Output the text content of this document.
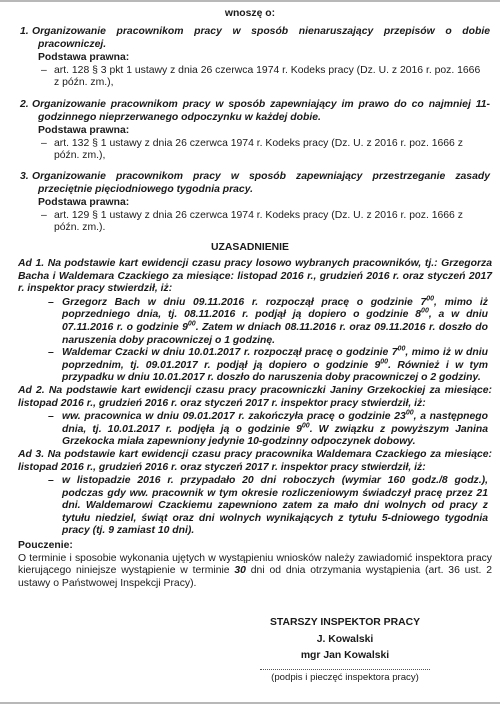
wnoszę o:
1. Organizowanie pracownikom pracy w sposób nienaruszający przepisów o dobie pracowniczej.
Podstawa prawna:
– art. 128 § 3 pkt 1 ustawy z dnia 26 czerwca 1974 r. Kodeks pracy (Dz. U. z 2016 r. poz. 1666 z późn. zm.),
2. Organizowanie pracownikom pracy w sposób zapewniający im prawo do co najmniej 11-godzinnego nieprzerwanego odpoczynku w każdej dobie.
Podstawa prawna:
– art. 132 § 1 ustawy z dnia 26 czerwca 1974 r. Kodeks pracy (Dz. U. z 2016 r. poz. 1666 z późn. zm.),
3. Organizowanie pracownikom pracy w sposób zapewniający przestrzeganie zasady przeciętnie pięciodniowego tygodnia pracy.
Podstawa prawna:
– art. 129 § 1 ustawy z dnia 26 czerwca 1974 r. Kodeks pracy (Dz. U. z 2016 r. poz. 1666 z późn. zm.).
UZASADNIENIE
Ad 1. Na podstawie kart ewidencji czasu pracy losowo wybranych pracowników, tj.: Grzegorza Bacha i Waldemara Czackiego za miesiące: listopad 2016 r., grudzień 2016 r. oraz styczeń 2017 r. inspektor pracy stwierdził, iż:
– Grzegorz Bach w dniu 09.11.2016 r. rozpoczął pracę o godzinie $7^{00}$, mimo iż poprzedniego dnia, tj. 08.11.2016 r. podjął ją dopiero o godzinie $8^{00}$, a w dniu 07.11.2016 r. o godzinie $9^{00}$. Zatem w dniach 08.11.2016 r. oraz 09.11.2016 r. doszło do naruszenia doby pracowniczej o 1 godzinę.
– Waldemar Czacki w dniu 10.01.2017 r. rozpoczął pracę o godzinie $7^{00}$, mimo iż w dniu poprzednim, tj. 09.01.2017 r. podjął ją dopiero o godzinie $9^{00}$. Również i w tym przypadku w dniu 10.01.2017 r. doszło do naruszenia doby pracowniczej o 2 godziny.
Ad 2. Na podstawie kart ewidencji czasu pracy pracowniczki Janiny Grzekockiej za miesiące: listopad 2016 r., grudzień 2016 r. oraz styczeń 2017 r. inspektor pracy stwierdził, iż:
– ww. pracownica w dniu 09.01.2017 r. zakończyła pracę o godzinie $23^{00}$, a następnego dnia, tj. 10.01.2017 r. podjęła ją o godzinie $9^{00}$. W związku z powyższym Janina Grzekocka miała zapewniony jedynie 10-godzinny odpoczynek dobowy.
Ad 3. Na podstawie kart ewidencji czasu pracy pracownika Waldemara Czackiego za miesiące: listopad 2016 r., grudzień 2016 r. oraz styczeń 2017 r. inspektor pracy stwierdził, iż:
– w listopadzie 2016 r. przypadało 20 dni roboczych (wymiar 160 godz./8 godz.), podczas gdy ww. pracownik w tym okresie rozliczeniowym świadczył pracę przez 21 dni. Waldemarowi Czackiemu zapewniono zatem za mało dni wolnych od pracy z tytułu niedziel, świąt oraz dni wolnych wynikających z tytułu 5-dniowego tygodnia pracy (tj. 9 zamiast 10 dni).
Pouczenie:
O terminie i sposobie wykonania ujętych w wystąpieniu wniosków należy zawiadomić inspektora pracy kierującego niniejsze wystąpienie w terminie 30 dni od dnia otrzymania wystąpienia (art. 36 ust. 2 ustawy o Państwowej Inspekcji Pracy).
STARSZY INSPEKTOR PRACY
J. Kowalski
mgr Jan Kowalski
(podpis i pieczęć inspektora pracy)
